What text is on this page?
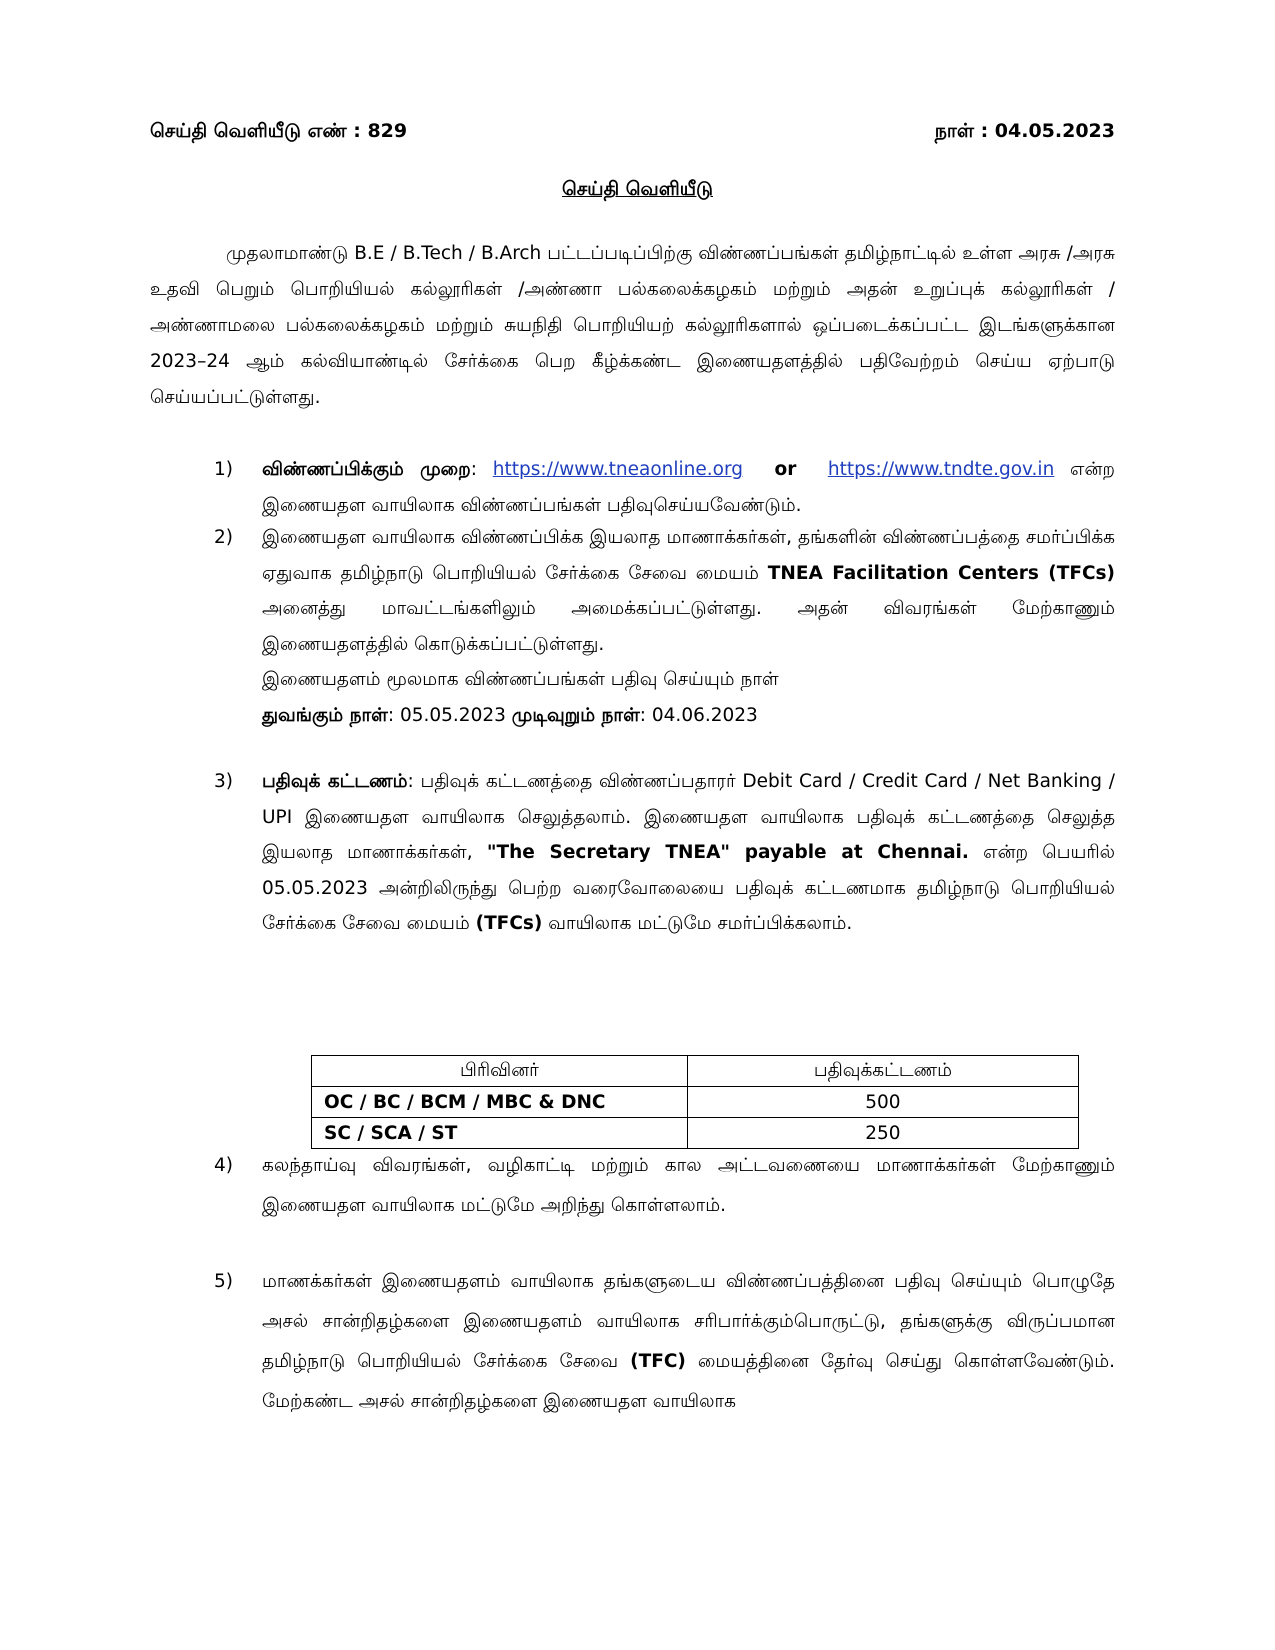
செய்தி வெளியீடு எண் : 829	நாள் : 04.05.2023
செய்தி வெளியீடு

முதலாமாண்டு B.E / B.Tech / B.Arch பட்டப்படிப்பிற்கு விண்ணப்பங்கள் தமிழ்நாட்டில் உள்ள அரசு /அரசு உதவி பெறும் பொறியியல் கல்லூரிகள் /அண்ணா பல்கலைக்கழகம் மற்றும் அதன் உறுப்புக் கல்லூரிகள் / அண்ணாமலை பல்கலைக்கழகம் மற்றும் சுயநிதி பொறியியற் கல்லூரிகளால் ஒப்படைக்கப்பட்ட இடங்களுக்கான 2023–24 ஆம் கல்வியாண்டில் சேர்க்கை பெற கீழ்க்கண்ட இணையதளத்தில் பதிவேற்றம் செய்ய ஏற்பாடு செய்யப்பட்டுள்ளது.

1)	விண்ணப்பிக்கும் முறை: https://www.tneaonline.org or https://www.tndte.gov.in என்ற இணையதள வாயிலாக விண்ணப்பங்கள் பதிவுசெய்யவேண்டும்.
2)	இணையதள வாயிலாக விண்ணப்பிக்க இயலாத மாணாக்கர்கள், தங்களின் விண்ணப்பத்தை சமர்ப்பிக்க ஏதுவாக தமிழ்நாடு பொறியியல் சேர்க்கை சேவை மையம் TNEA Facilitation Centers (TFCs) அனைத்து மாவட்டங்களிலும் அமைக்கப்பட்டுள்ளது. அதன் விவரங்கள் மேற்காணும் இணையதளத்தில் கொடுக்கப்பட்டுள்ளது.
இணையதளம் மூலமாக விண்ணப்பங்கள் பதிவு செய்யும் நாள்
துவங்கும் நாள்: 05.05.2023 முடிவுறும் நாள்: 04.06.2023
3)	பதிவுக் கட்டணம்: பதிவுக் கட்டணத்தை விண்ணப்பதாரர் Debit Card / Credit Card / Net Banking / UPI இணையதள வாயிலாக செலுத்தலாம். இணையதள வாயிலாக பதிவுக் கட்டணத்தை செலுத்த இயலாத மாணாக்கர்கள், "The Secretary TNEA" payable at Chennai. என்ற பெயரில் 05.05.2023 அன்றிலிருந்து பெற்ற வரைவோலையை பதிவுக் கட்டணமாக தமிழ்நாடு பொறியியல் சேர்க்கை சேவை மையம் (TFCs) வாயிலாக மட்டுமே சமர்ப்பிக்கலாம்.
பிரிவினர்	பதிவுக்கட்டணம்
OC / BC / BCM / MBC & DNC	500
SC / SCA / ST	250
4)	கலந்தாய்வு விவரங்கள், வழிகாட்டி மற்றும் கால அட்டவணையை மாணாக்கர்கள் மேற்காணும் இணையதள வாயிலாக மட்டுமே அறிந்து கொள்ளலாம்.
5)	மாணக்கர்கள் இணையதளம் வாயிலாக தங்களுடைய விண்ணப்பத்தினை பதிவு செய்யும் பொழுதே அசல் சான்றிதழ்களை இணையதளம் வாயிலாக சரிபார்க்கும்பொருட்டு, தங்களுக்கு விருப்பமான தமிழ்நாடு பொறியியல் சேர்க்கை சேவை (TFC) மையத்தினை தேர்வு செய்து கொள்ளவேண்டும். மேற்கண்ட அசல் சான்றிதழ்களை இணையதள வாயிலாக
